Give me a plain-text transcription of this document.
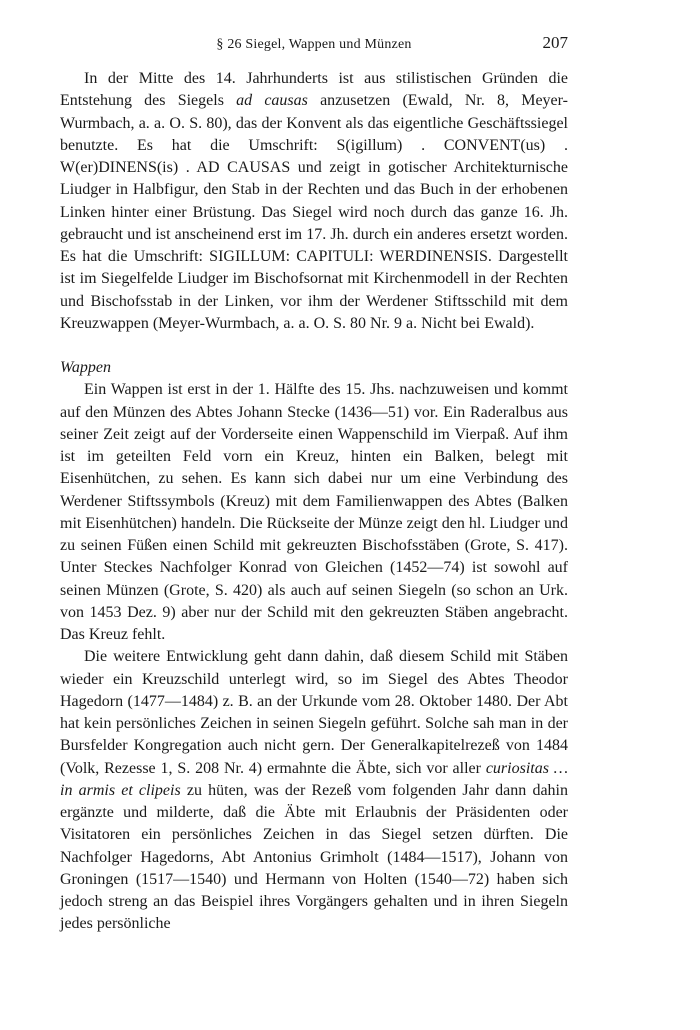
§ 26 Siegel, Wappen und Münzen	207

In der Mitte des 14. Jahrhunderts ist aus stilistischen Gründen die Entstehung des Siegels ad causas anzusetzen (Ewald, Nr. 8, Meyer-Wurmbach, a. a. O. S. 80), das der Konvent als das eigentliche Geschäftssiegel benutzte. Es hat die Umschrift: S(igillum) . CONVENT(us) . W(er)DINENS(is) . AD CAUSAS und zeigt in gotischer Architekturnische Liudger in Halbfigur, den Stab in der Rechten und das Buch in der erhobenen Linken hinter einer Brüstung. Das Siegel wird noch durch das ganze 16. Jh. gebraucht und ist anscheinend erst im 17. Jh. durch ein anderes ersetzt worden. Es hat die Umschrift: SIGILLUM: CAPITULI: WERDINENSIS. Dargestellt ist im Siegelfelde Liudger im Bischofsornat mit Kirchenmodell in der Rechten und Bischofsstab in der Linken, vor ihm der Werdener Stiftsschild mit dem Kreuzwappen (Meyer-Wurmbach, a. a. O. S. 80 Nr. 9 a. Nicht bei Ewald).

Wappen

Ein Wappen ist erst in der 1. Hälfte des 15. Jhs. nachzuweisen und kommt auf den Münzen des Abtes Johann Stecke (1436—51) vor. Ein Raderalbus aus seiner Zeit zeigt auf der Vorderseite einen Wappenschild im Vierpaß. Auf ihm ist im geteilten Feld vorn ein Kreuz, hinten ein Balken, belegt mit Eisenhütchen, zu sehen. Es kann sich dabei nur um eine Verbindung des Werdener Stiftssymbols (Kreuz) mit dem Familienwappen des Abtes (Balken mit Eisenhütchen) handeln. Die Rückseite der Münze zeigt den hl. Liudger und zu seinen Füßen einen Schild mit gekreuzten Bischofsstäben (Grote, S. 417). Unter Steckes Nachfolger Konrad von Gleichen (1452—74) ist sowohl auf seinen Münzen (Grote, S. 420) als auch auf seinen Siegeln (so schon an Urk. von 1453 Dez. 9) aber nur der Schild mit den gekreuzten Stäben angebracht. Das Kreuz fehlt.

Die weitere Entwicklung geht dann dahin, daß diesem Schild mit Stäben wieder ein Kreuzschild unterlegt wird, so im Siegel des Abtes Theodor Hagedorn (1477—1484) z. B. an der Urkunde vom 28. Oktober 1480. Der Abt hat kein persönliches Zeichen in seinen Siegeln geführt. Solche sah man in der Bursfelder Kongregation auch nicht gern. Der Generalkapitelrezeß von 1484 (Volk, Rezesse 1, S. 208 Nr. 4) ermahnte die Äbte, sich vor aller curiositas … in armis et clipeis zu hüten, was der Rezeß vom folgenden Jahr dann dahin ergänzte und milderte, daß die Äbte mit Erlaubnis der Präsidenten oder Visitatoren ein persönliches Zeichen in das Siegel setzen dürften. Die Nachfolger Hagedorns, Abt Antonius Grimholt (1484—1517), Johann von Groningen (1517—1540) und Hermann von Holten (1540—72) haben sich jedoch streng an das Beispiel ihres Vorgängers gehalten und in ihren Siegeln jedes persönliche
